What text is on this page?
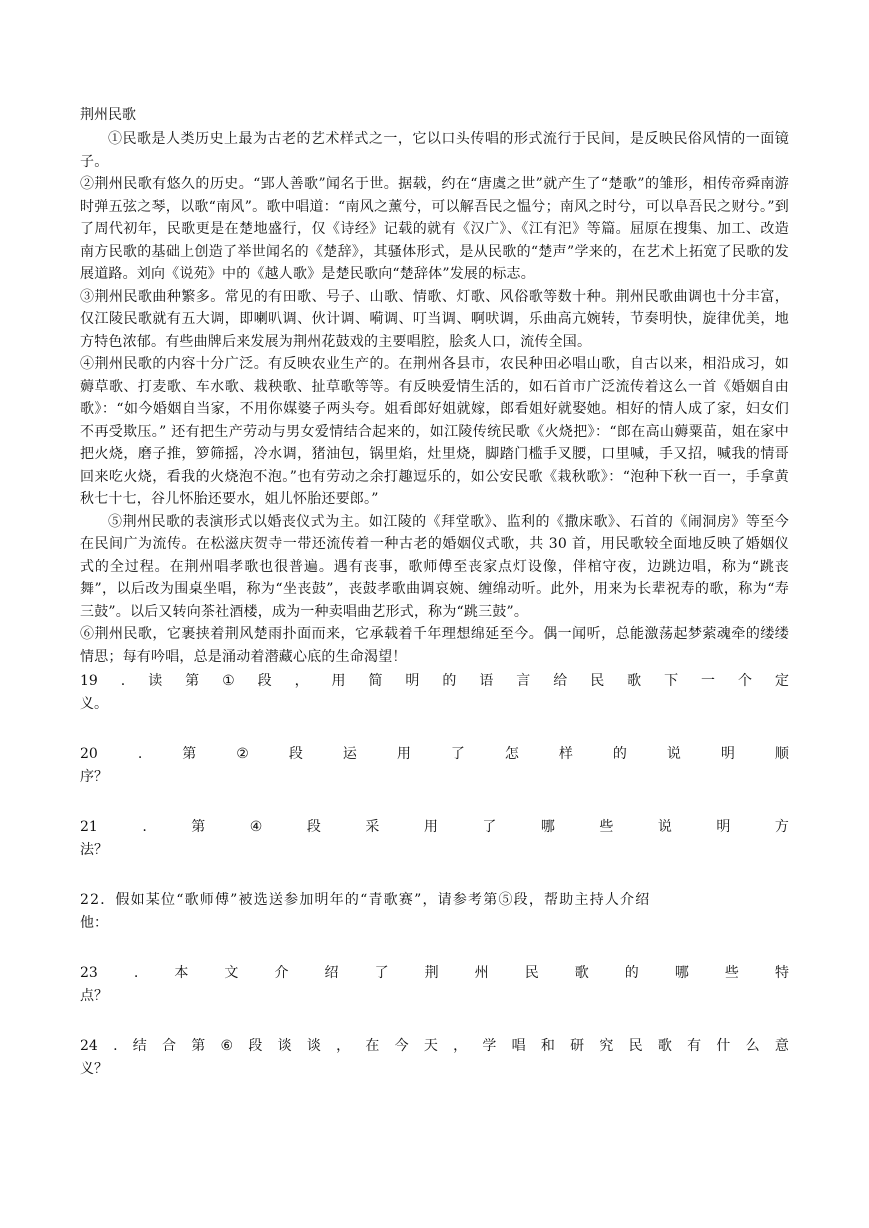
荆州民歌

①民歌是人类历史上最为古老的艺术样式之一，它以口头传唱的形式流行于民间，是反映民俗风情的一面镜子。

②荆州民歌有悠久的历史。“郢人善歌”闻名于世。据载，约在“唐虞之世”就产生了“楚歌”的雏形，相传帝舜南游时弹五弦之琴，以歌“南风”。歌中唱道：“南风之薰兮，可以解吾民之愠兮；南风之时兮，可以阜吾民之财兮。”到了周代初年，民歌更是在楚地盛行，仅《诗经》记载的就有《汉广》、《江有汜》等篇。屈原在搜集、加工、改造南方民歌的基础上创造了举世闻名的《楚辞》，其骚体形式，是从民歌的“楚声”学来的，在艺术上拓宽了民歌的发展道路。刘向《说苑》中的《越人歌》是楚民歌向“楚辞体”发展的标志。

③荆州民歌曲种繁多。常见的有田歌、号子、山歌、情歌、灯歌、风俗歌等数十种。荆州民歌曲调也十分丰富，仅江陵民歌就有五大调，即喇叭调、伙计调、嗬调、叮当调、啊吠调，乐曲高亢婉转，节奏明快，旋律优美，地方特色浓郁。有些曲牌后来发展为荆州花鼓戏的主要唱腔，脍炙人口，流传全国。

④荆州民歌的内容十分广泛。有反映农业生产的。在荆州各县市，农民种田必唱山歌，自古以来，相沿成习，如薅草歌、打麦歌、车水歌、栽秧歌、扯草歌等等。有反映爱情生活的，如石首市广泛流传着这么一首《婚姻自由歌》：“如今婚姻自当家，不用你媒婆子两头夸。姐看郎好姐就嫁，郎看姐好就娶她。相好的情人成了家，妇女们不再受欺压。” 还有把生产劳动与男女爱情结合起来的，如江陵传统民歌《火烧把》：“郎在高山薅粟苗，姐在家中把火烧，磨子推，箩筛摇，冷水调，猪油包，锅里焰，灶里烧，脚踏门槛手叉腰，口里喊，手又招，喊我的情哥回来吃火烧，看我的火烧泡不泡。”也有劳动之余打趣逗乐的，如公安民歌《栽秋歌》：“泡种下秋一百一，手拿黄秋七十七，谷儿怀胎还要水，姐儿怀胎还要郎。”

⑤荆州民歌的表演形式以婚丧仪式为主。如江陵的《拜堂歌》、监利的《撒床歌》、石首的《闹洞房》等至今在民间广为流传。在松滋庆贺寺一带还流传着一种古老的婚姻仪式歌，共 30 首，用民歌较全面地反映了婚姻仪式的全过程。在荆州唱孝歌也很普遍。遇有丧事，歌师傅至丧家点灯设像，伴棺守夜，边跳边唱，称为“跳丧舞”，以后改为围桌坐唱，称为“坐丧鼓”，丧鼓孝歌曲调哀婉、缠绵动听。此外，用来为长辈祝寿的歌，称为“寿三鼓”。以后又转向茶社酒楼，成为一种卖唱曲艺形式，称为“跳三鼓”。

⑥荆州民歌，它裹挟着荆风楚雨扑面而来，它承载着千年理想绵延至今。偶一闻听，总能激荡起梦萦魂牵的缕缕情思；每有吟唱，总是涌动着潜藏心底的生命渴望！

19 . 读 第 ① 段 ， 用 简 明 的 语 言 给 民 歌 下 一 个 定
义。
20	.	第	②	段	运	用	了	怎	样	的	说	明	顺
序？
21	.	第	④	段	采	用	了	哪	些	说	明	方
法？
22．假如某位“歌师傅”被选送参加明年的“青歌赛”，请参考第⑤段，帮助主持人介绍
他：
23	.	本	文	介	绍	了	荆	州	民	歌	的	哪	些	特
点？
24 . 结 合 第 ⑥ 段 谈 谈 ， 在 今 天 ， 学 唱 和 研 究 民 歌 有 什 么 意
义？
